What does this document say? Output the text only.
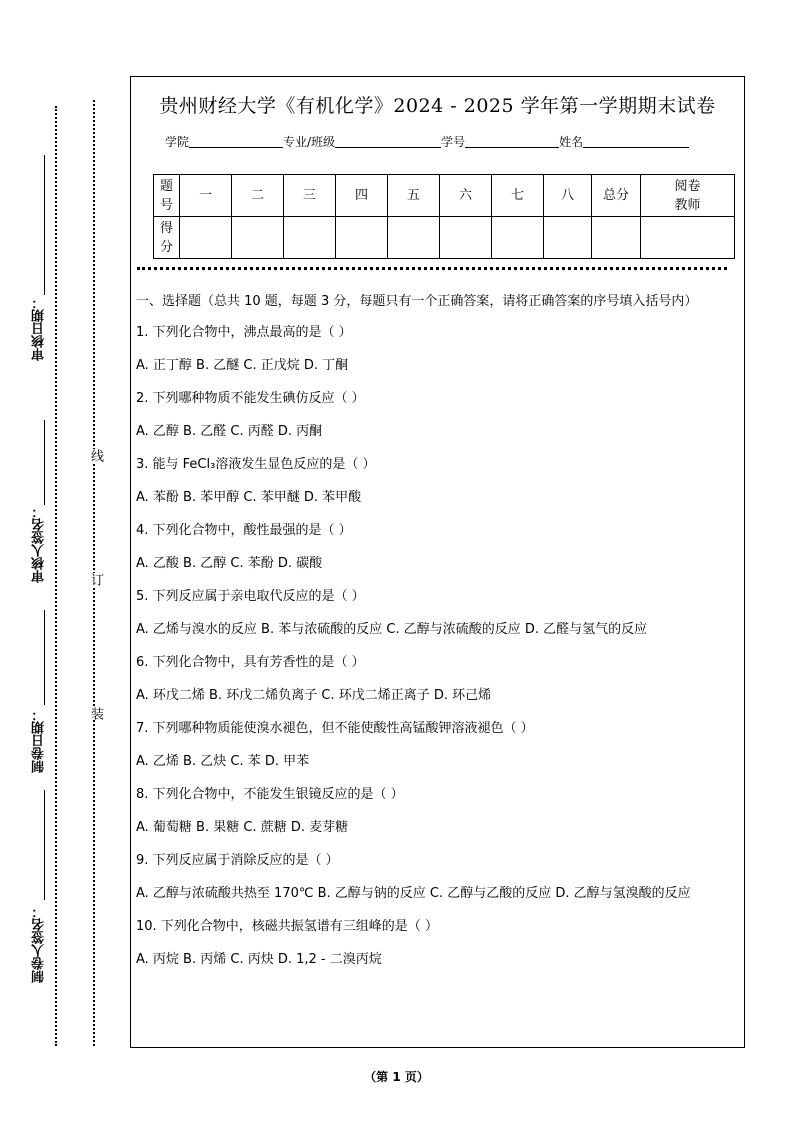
审核日期：
审核人签名：
制卷日期：
制卷人签名：
线
订
装
贵州财经大学《有机化学》2024 - 2025 学年第一学期期末试卷
学院	专业/班级	学号	姓名
题号	一	二	三	四	五	六	七	八	总分	阅卷教师
得分										

一、选择题（总共 10 题，每题 3 分，每题只有一个正确答案，请将正确答案的序号填入括号内）

1. 下列化合物中，沸点最高的是（ ）

A. 正丁醇 B. 乙醚 C. 正戊烷 D. 丁酮

2. 下列哪种物质不能发生碘仿反应（ ）

A. 乙醇 B. 乙醛 C. 丙醛 D. 丙酮

3. 能与 FeCl₃溶液发生显色反应的是（ ）

A. 苯酚 B. 苯甲醇 C. 苯甲醚 D. 苯甲酸

4. 下列化合物中，酸性最强的是（ ）

A. 乙酸 B. 乙醇 C. 苯酚 D. 碳酸

5. 下列反应属于亲电取代反应的是（ ）

A. 乙烯与溴水的反应 B. 苯与浓硫酸的反应 C. 乙醇与浓硫酸的反应 D. 乙醛与氢气的反应

6. 下列化合物中，具有芳香性的是（ ）

A. 环戊二烯 B. 环戊二烯负离子 C. 环戊二烯正离子 D. 环己烯

7. 下列哪种物质能使溴水褪色，但不能使酸性高锰酸钾溶液褪色（ ）

A. 乙烯 B. 乙炔 C. 苯 D. 甲苯

8. 下列化合物中，不能发生银镜反应的是（ ）

A. 葡萄糖 B. 果糖 C. 蔗糖 D. 麦芽糖

9. 下列反应属于消除反应的是（ ）

A. 乙醇与浓硫酸共热至 170℃ B. 乙醇与钠的反应 C. 乙醇与乙酸的反应 D. 乙醇与氢溴酸的反应

10. 下列化合物中，核磁共振氢谱有三组峰的是（ ）

A. 丙烷 B. 丙烯 C. 丙炔 D. 1,2 - 二溴丙烷

（第 1 页）
